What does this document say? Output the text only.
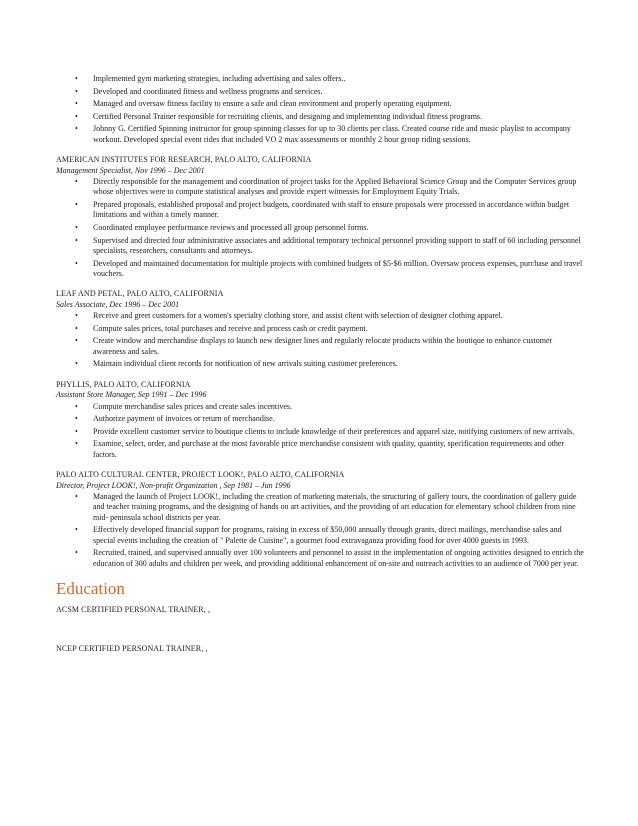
• Implemented gym marketing strategies, including advertising and sales offers..
• Developed and coordinated fitness and wellness programs and services.
• Managed and oversaw fitness facility to ensure a safe and clean environment and properly operating equipment.
• Certified Personal Trainer responsible for recruiting clients, and designing and implementing individual fitness programs.
• Johnny G. Certified Spinning instructor for group spinning classes for up to 30 clients per class. Created course ride and music playlist to accompany workout. Developed special event rides that included VO 2 max assessments or monthly 2 hour group riding sessions.
AMERICAN INSTITUTES FOR RESEARCH, PALO ALTO, CALIFORNIA
Management Specialist, Nov 1996 – Dec 2001
• Directly responsible for the management and coordination of project tasks for the Applied Behavioral Science Group and the Computer Services group whose objectives were to compute statistical analyses and provide expert witnesses for Employment Equity Trials.
• Prepared proposals, established proposal and project budgets, coordinated with staff to ensure proposals were processed in accordance within budget limitations and within a timely manner.
• Coordinated employee performance reviews and processed all group personnel forms.
• Supervised and directed four administrative associates and additional temporary technical personnel providing support to staff of 60 including personnel specialists, researchers, consultants and attorneys.
• Developed and maintained documentation for multiple projects with combined budgets of $5-$6 million. Oversaw process expenses, purchase and travel vouchers.
LEAF AND PETAL, PALO ALTO, CALIFORNIA
Sales Associate, Dec 1996 – Dec 2001
• Receive and greet customers for a women's specialty clothing store, and assist client with selection of designer clothing apparel.
• Compute sales prices, total purchases and receive and process cash or credit payment.
• Create window and merchandise displays to launch new designer lines and regularly relocate products within the boutique to enhance customer awareness and sales.
• Maintain individual client records for notification of new arrivals suiting customer preferences.
PHYLLIS, PALO ALTO, CALIFORNIA
Assistant Store Manager, Sep 1991 – Dec 1996
• Compute merchandise sales prices and create sales incentives.
• Authorize payment of invoices or return of merchandise.
• Provide excellent customer service to boutique clients to include knowledge of their preferences and apparel size, notifying customers of new arrivals.
• Examine, select, order, and purchase at the most favorable price merchandise consistent with quality, quantity, specification requirements and other factors.
PALO ALTO CULTURAL CENTER, PROJECT LOOK!, PALO ALTO, CALIFORNIA
Director, Project LOOK!, Non-profit Organization , Sep 1981 – Jun 1996
• Managed the launch of Project LOOK!, including the creation of marketing materials, the structuring of gallery tours, the coordination of gallery guide and teacher training programs, and the designing of hands on art activities, and the providing of art education for elementary school children from nine mid- peninsula school districts per year.
• Effectively developed financial support for programs, raising in excess of $50,000 annually through grants, direct mailings, merchandise sales and special events including the creation of " Palette de Cuisine", a gourmet food extravaganza providing food for over 4000 guests in 1993.
• Recruited, trained, and supervised annually over 100 volunteers and personnel to assist in the implementation of ongoing activities designed to enrich the education of 300 adults and children per week, and providing additional enhancement of on-site and outreach activities to an audience of 7000 per year.
Education
ACSM CERTIFIED PERSONAL TRAINER, ,
NCEP CERTIFIED PERSONAL TRAINER, ,
